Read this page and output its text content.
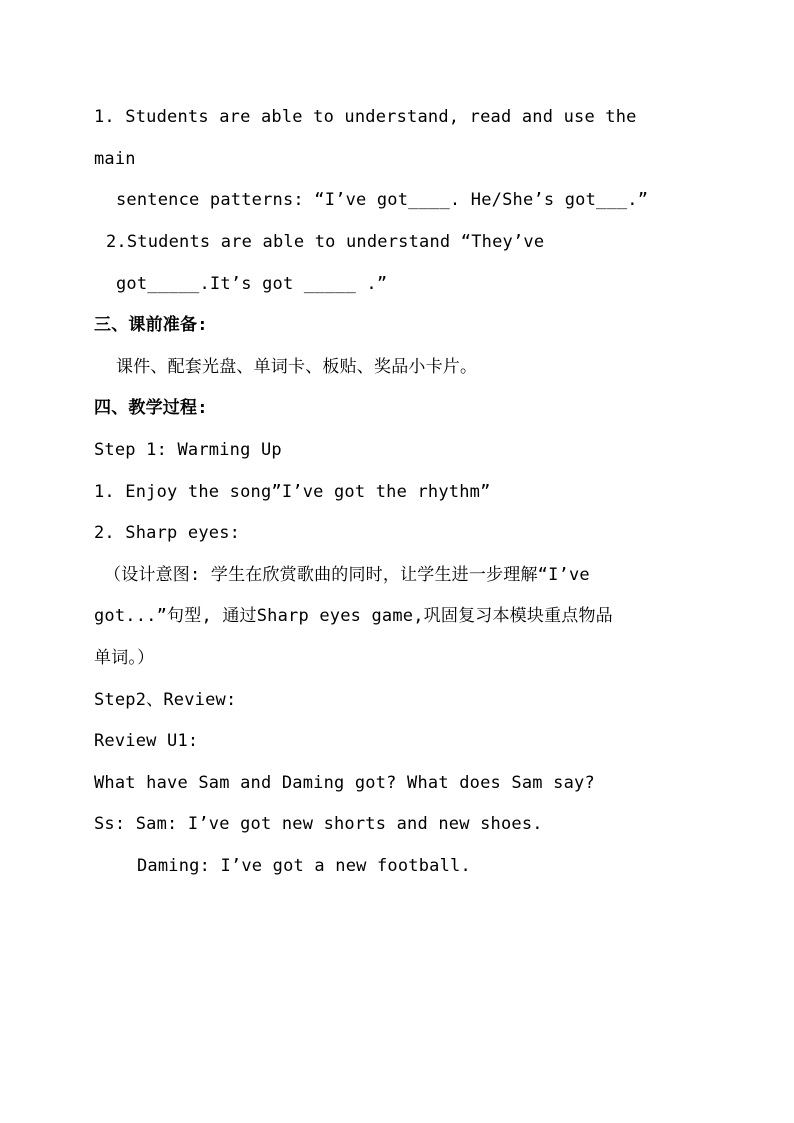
1. Students are able to understand, read and use the
main
sentence patterns: “I’ve got____. He/She’s got___.”
2.Students are able to understand “They’ve
got_____.It’s got _____ .”
三、课前准备:
课件、配套光盘、单词卡、板贴、奖品小卡片。
四、教学过程:
Step 1: Warming Up
1. Enjoy the song”I’ve got the rhythm”
2. Sharp eyes:
（设计意图: 学生在欣赏歌曲的同时，让学生进一步理解“I’ve
got...”句型, 通过Sharp eyes game,巩固复习本模块重点物品
单词。）
Step2、Review:
Review U1:
What have Sam and Daming got? What does Sam say?
Ss: Sam: I’ve got new shorts and new shoes.
Daming: I’ve got a new football.
